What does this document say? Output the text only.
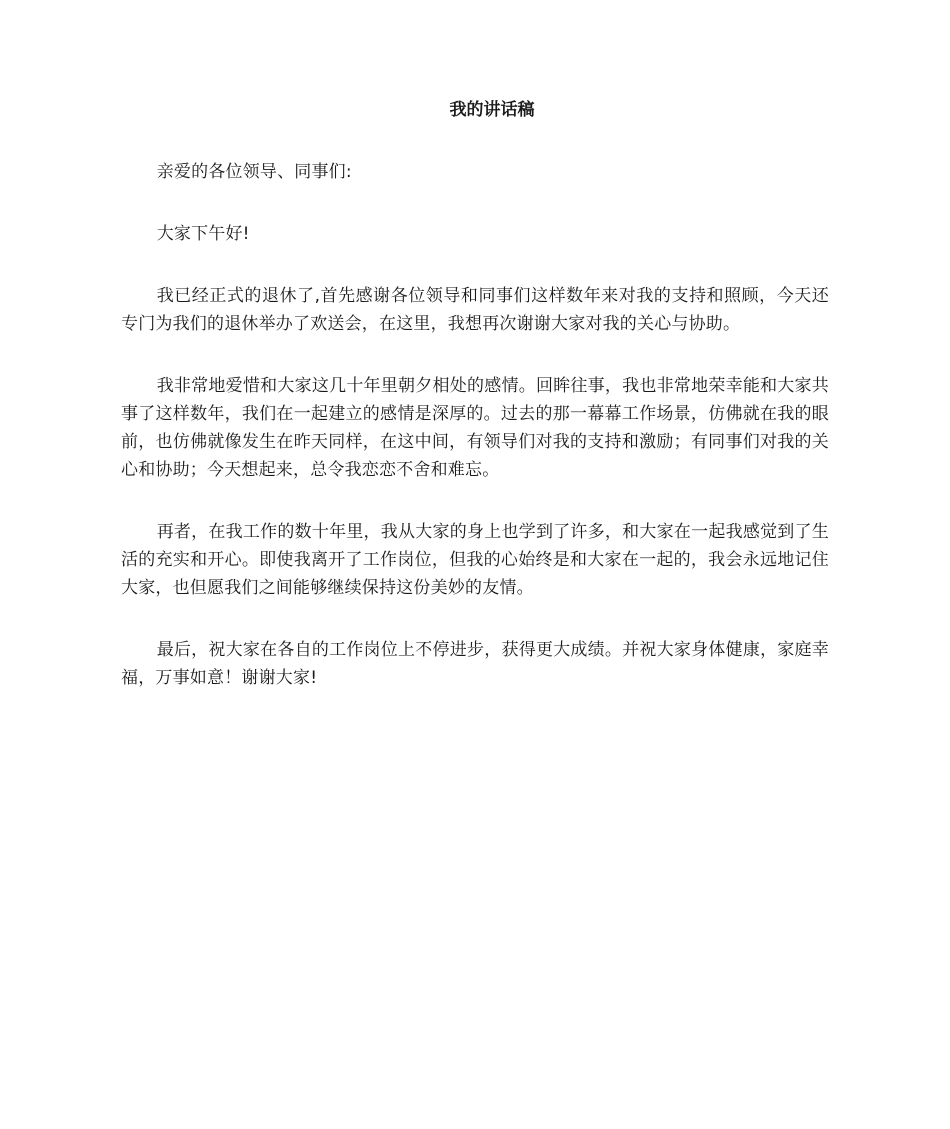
我的讲话稿

亲爱的各位领导、同事们:

大家下午好!

我已经正式的退休了,首先感谢各位领导和同事们这样数年来对我的支持和照顾，今天还专门为我们的退休举办了欢送会，在这里，我想再次谢谢大家对我的关心与协助。

我非常地爱惜和大家这几十年里朝夕相处的感情。回眸往事，我也非常地荣幸能和大家共事了这样数年，我们在一起建立的感情是深厚的。过去的那一幕幕工作场景，仿佛就在我的眼前，也仿佛就像发生在昨天同样，在这中间，有领导们对我的支持和激励；有同事们对我的关心和协助；今天想起来，总令我恋恋不舍和难忘。

再者，在我工作的数十年里，我从大家的身上也学到了许多，和大家在一起我感觉到了生活的充实和开心。即使我离开了工作岗位，但我的心始终是和大家在一起的，我会永远地记住大家，也但愿我们之间能够继续保持这份美妙的友情。

最后，祝大家在各自的工作岗位上不停进步，获得更大成绩。并祝大家身体健康，家庭幸福，万事如意！谢谢大家!
